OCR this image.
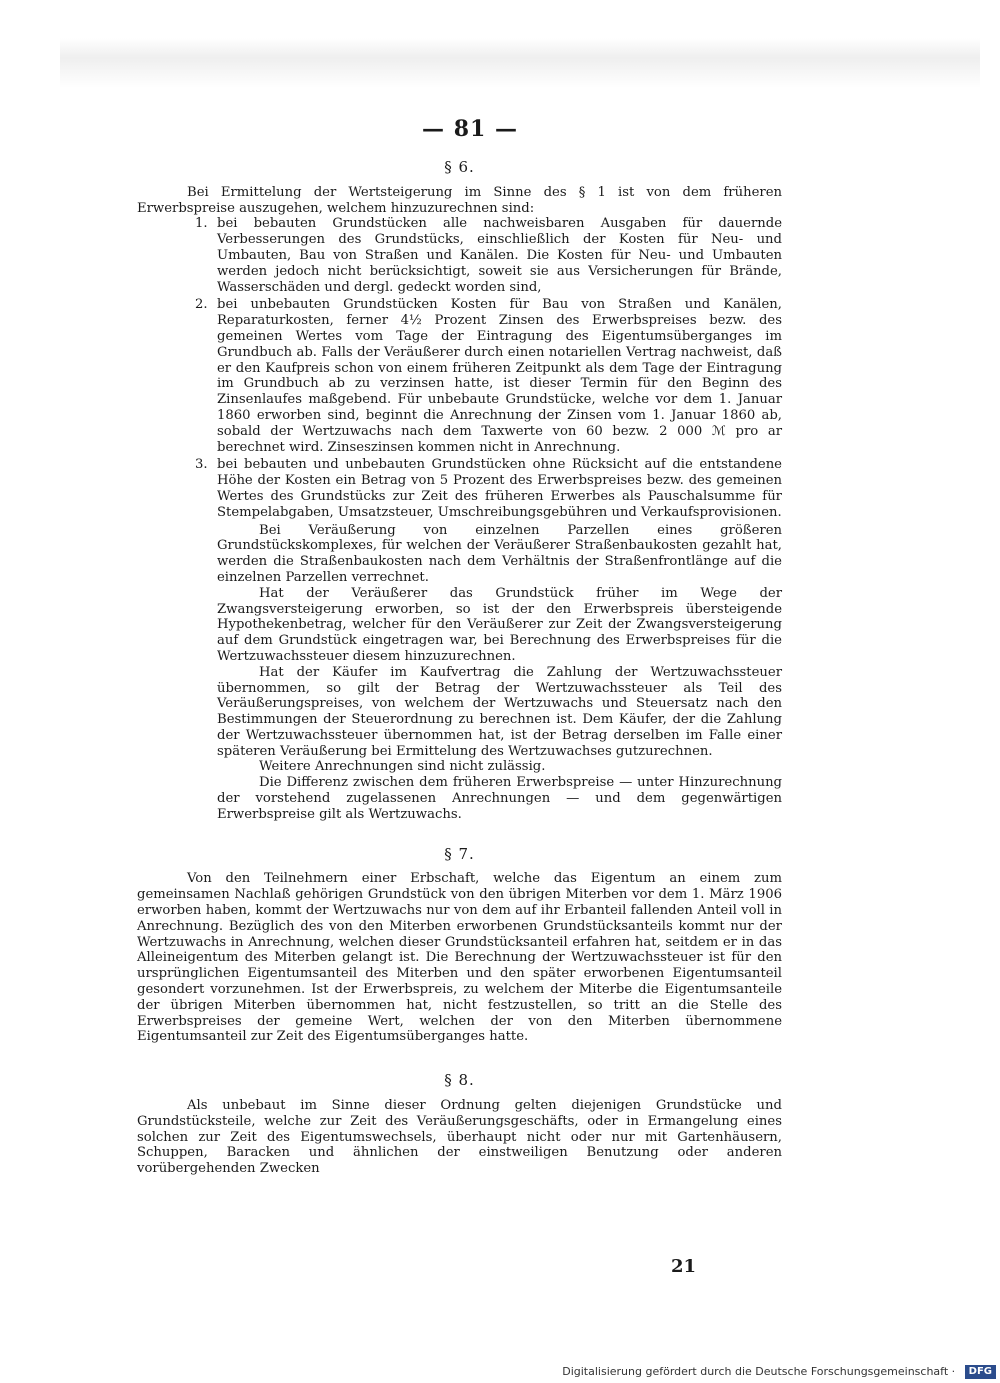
— 81 —
§ 6.

Bei Ermittelung der Wertsteigerung im Sinne des § 1 ist von dem früheren Erwerbspreise auszugehen, welchem hinzuzurechnen sind:

1. bei bebauten Grundstücken alle nachweisbaren Ausgaben für dauernde Verbesserungen des Grundstücks, einschließlich der Kosten für Neu- und Umbauten, Bau von Straßen und Kanälen. Die Kosten für Neu- und Umbauten werden jedoch nicht berücksichtigt, soweit sie aus Versicherungen für Brände, Wasserschäden und dergl. gedeckt worden sind,
2. bei unbebauten Grundstücken Kosten für Bau von Straßen und Kanälen, Reparaturkosten, ferner 4½ Prozent Zinsen des Erwerbspreises bezw. des gemeinen Wertes vom Tage der Eintragung des Eigentumsüberganges im Grundbuch ab. Falls der Veräußerer durch einen notariellen Vertrag nachweist, daß er den Kaufpreis schon von einem früheren Zeitpunkt als dem Tage der Eintragung im Grundbuch ab zu verzinsen hatte, ist dieser Termin für den Beginn des Zinsenlaufes maßgebend. Für unbebaute Grundstücke, welche vor dem 1. Januar 1860 erworben sind, beginnt die Anrechnung der Zinsen vom 1. Januar 1860 ab, sobald der Wertzuwachs nach dem Taxwerte von 60 bezw. 2 000 ℳ pro ar berechnet wird. Zinseszinsen kommen nicht in Anrechnung.
3. bei bebauten und unbebauten Grundstücken ohne Rücksicht auf die entstandene Höhe der Kosten ein Betrag von 5 Prozent des Erwerbspreises bezw. des gemeinen Wertes des Grundstücks zur Zeit des früheren Erwerbes als Pauschalsumme für Stempelabgaben, Umsatzsteuer, Umschreibungsgebühren und Verkaufsprovisionen.

Bei Veräußerung von einzelnen Parzellen eines größeren Grundstückskomplexes, für welchen der Veräußerer Straßenbaukosten gezahlt hat, werden die Straßenbaukosten nach dem Verhältnis der Straßenfrontlänge auf die einzelnen Parzellen verrechnet.

Hat der Veräußerer das Grundstück früher im Wege der Zwangsversteigerung erworben, so ist der den Erwerbspreis übersteigende Hypothekenbetrag, welcher für den Veräußerer zur Zeit der Zwangsversteigerung auf dem Grundstück eingetragen war, bei Berechnung des Erwerbspreises für die Wertzuwachssteuer diesem hinzuzurechnen.

Hat der Käufer im Kaufvertrag die Zahlung der Wertzuwachssteuer übernommen, so gilt der Betrag der Wertzuwachssteuer als Teil des Veräußerungspreises, von welchem der Wertzuwachs und Steuersatz nach den Bestimmungen der Steuerordnung zu berechnen ist. Dem Käufer, der die Zahlung der Wertzuwachssteuer übernommen hat, ist der Betrag derselben im Falle einer späteren Veräußerung bei Ermittelung des Wertzuwachses gutzurechnen.

Weitere Anrechnungen sind nicht zulässig.

Die Differenz zwischen dem früheren Erwerbspreise — unter Hinzurechnung der vorstehend zugelassenen Anrechnungen — und dem gegenwärtigen Erwerbspreise gilt als Wertzuwachs.

§ 7.

Von den Teilnehmern einer Erbschaft, welche das Eigentum an einem zum gemeinsamen Nachlaß gehörigen Grundstück von den übrigen Miterben vor dem 1. März 1906 erworben haben, kommt der Wertzuwachs nur von dem auf ihr Erbanteil fallenden Anteil voll in Anrechnung. Bezüglich des von den Miterben erworbenen Grundstücksanteils kommt nur der Wertzuwachs in Anrechnung, welchen dieser Grundstücksanteil erfahren hat, seitdem er in das Alleineigentum des Miterben gelangt ist. Die Berechnung der Wertzuwachssteuer ist für den ursprünglichen Eigentumsanteil des Miterben und den später erworbenen Eigentumsanteil gesondert vorzunehmen. Ist der Erwerbspreis, zu welchem der Miterbe die Eigentumsanteile der übrigen Miterben übernommen hat, nicht festzustellen, so tritt an die Stelle des Erwerbspreises der gemeine Wert, welchen der von den Miterben übernommene Eigentumsanteil zur Zeit des Eigentumsüberganges hatte.

§ 8.

Als unbebaut im Sinne dieser Ordnung gelten diejenigen Grundstücke und Grundstücksteile, welche zur Zeit des Veräußerungsgeschäfts, oder in Ermangelung eines solchen zur Zeit des Eigentumswechsels, überhaupt nicht oder nur mit Gartenhäusern, Schuppen, Baracken und ähnlichen der einstweiligen Benutzung oder anderen vorübergehenden Zwecken

21
Digitalisierung gefördert durch die Deutsche Forschungsgemeinschaft · DFG
